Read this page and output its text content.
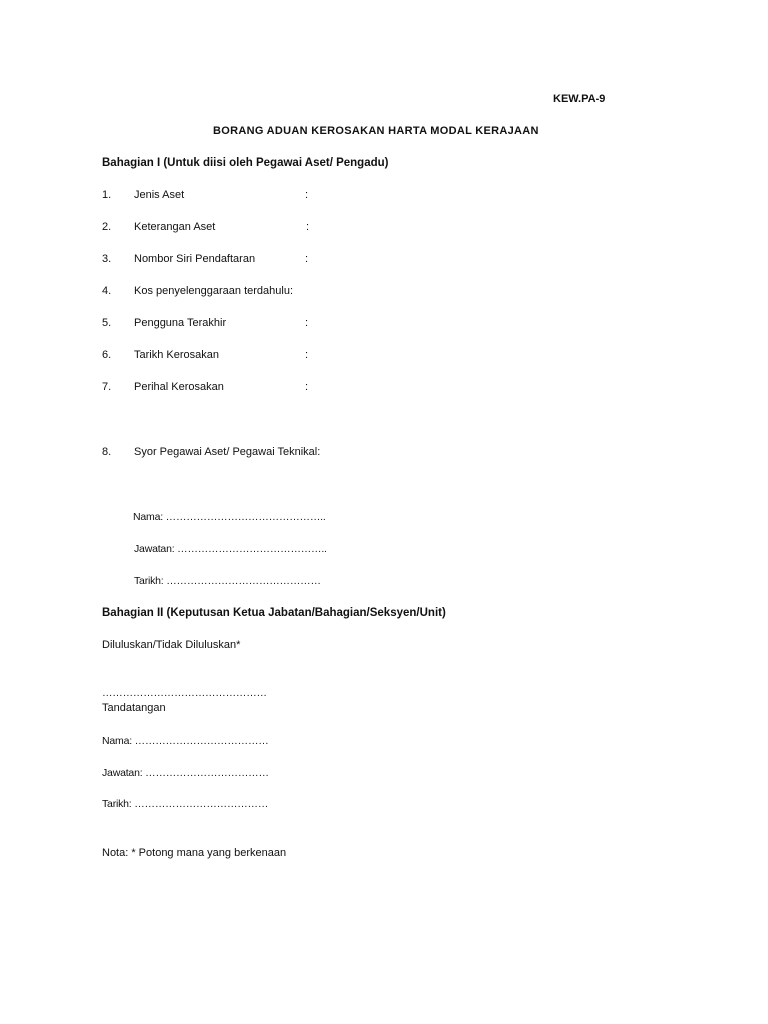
KEW.PA-9
BORANG ADUAN KEROSAKAN HARTA MODAL KERAJAAN
Bahagian I (Untuk diisi oleh Pegawai Aset/ Pengadu)
1. Jenis Aset	:
2. Keterangan Aset	:
3. Nombor Siri Pendaftaran	:
4. Kos penyelenggaraan terdahulu:
5. Pengguna Terakhir	:
6. Tarikh Kerosakan	:
7. Perihal Kerosakan	:
8. Syor Pegawai Aset/ Pegawai Teknikal:
Nama: ………………………………………..
Jawatan: ……………………………………..
Tarikh: ………………………………………
Bahagian II (Keputusan Ketua Jabatan/Bahagian/Seksyen/Unit)
Diluluskan/Tidak Diluluskan*
…………………………………………
Tandatangan
Nama: …………………………………
Jawatan: ………………………………
Tarikh: …………………………………
Nota: * Potong mana yang berkenaan
